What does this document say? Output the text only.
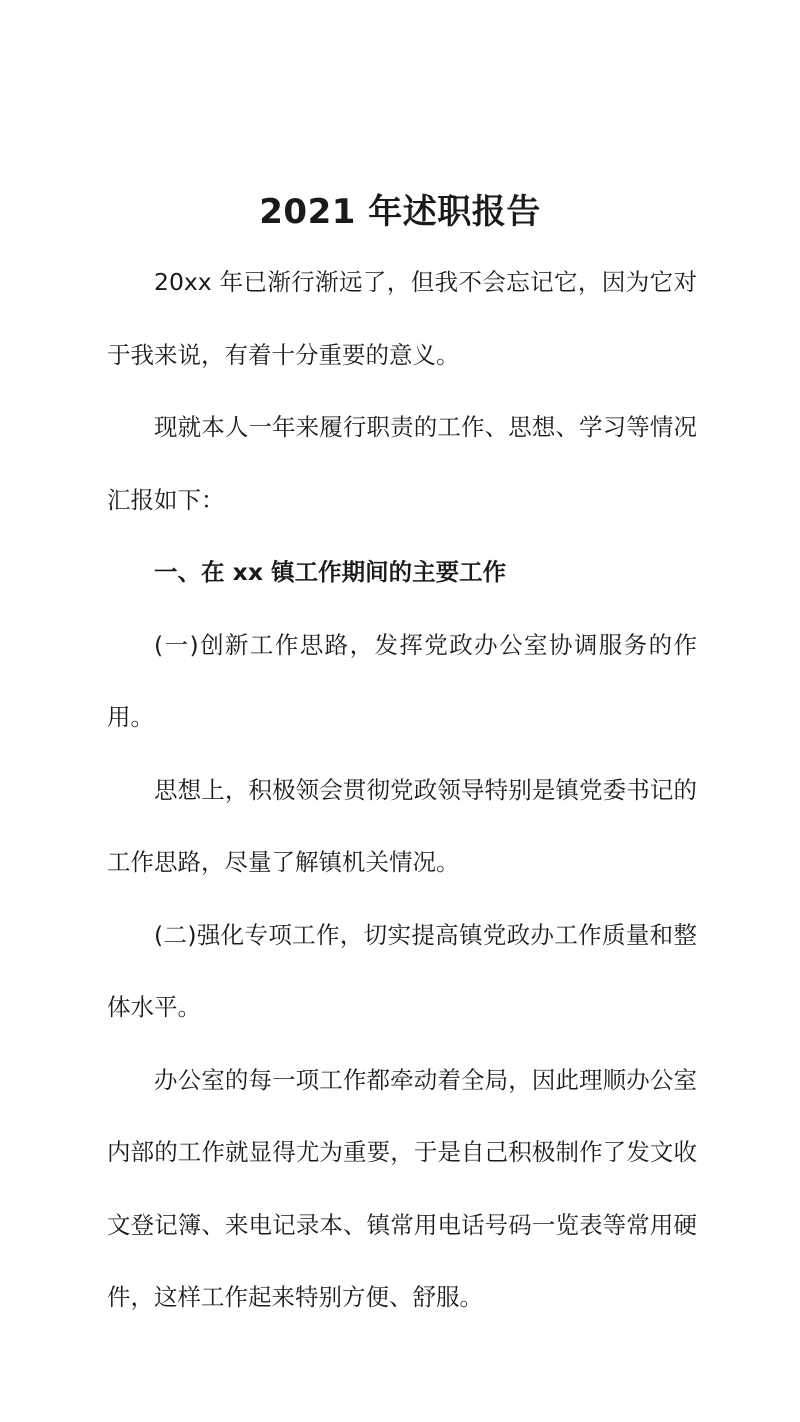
2021 年述职报告

20xx 年已渐行渐远了，但我不会忘记它，因为它对于我来说，有着十分重要的意义。

现就本人一年来履行职责的工作、思想、学习等情况汇报如下：

一、在 xx 镇工作期间的主要工作

(一)创新工作思路，发挥党政办公室协调服务的作用。

思想上，积极领会贯彻党政领导特别是镇党委书记的工作思路，尽量了解镇机关情况。

(二)强化专项工作，切实提高镇党政办工作质量和整体水平。

办公室的每一项工作都牵动着全局，因此理顺办公室内部的工作就显得尤为重要，于是自己积极制作了发文收文登记簿、来电记录本、镇常用电话号码一览表等常用硬件，这样工作起来特别方便、舒服。
